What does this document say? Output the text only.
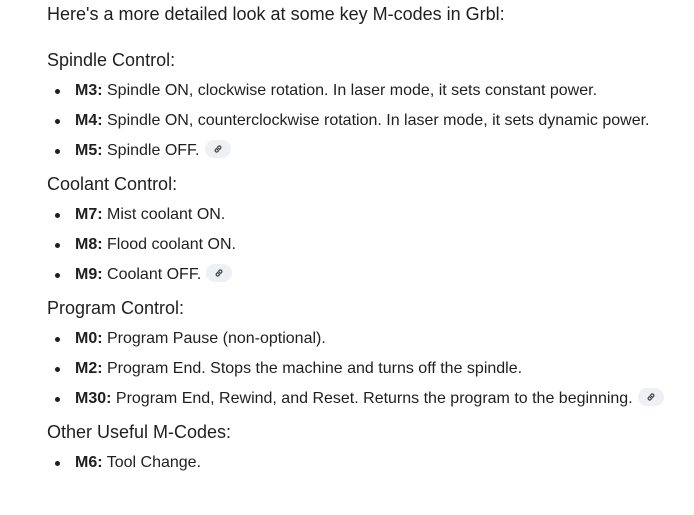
Here's a more detailed look at some key M-codes in Grbl:

Spindle Control:
M3: Spindle ON, clockwise rotation. In laser mode, it sets constant power.
M4: Spindle ON, counterclockwise rotation. In laser mode, it sets dynamic power.
M5: Spindle OFF.
Coolant Control:
M7: Mist coolant ON.
M8: Flood coolant ON.
M9: Coolant OFF.
Program Control:
M0: Program Pause (non-optional).
M2: Program End. Stops the machine and turns off the spindle.
M30: Program End, Rewind, and Reset. Returns the program to the beginning.
Other Useful M-Codes:
M6: Tool Change.
